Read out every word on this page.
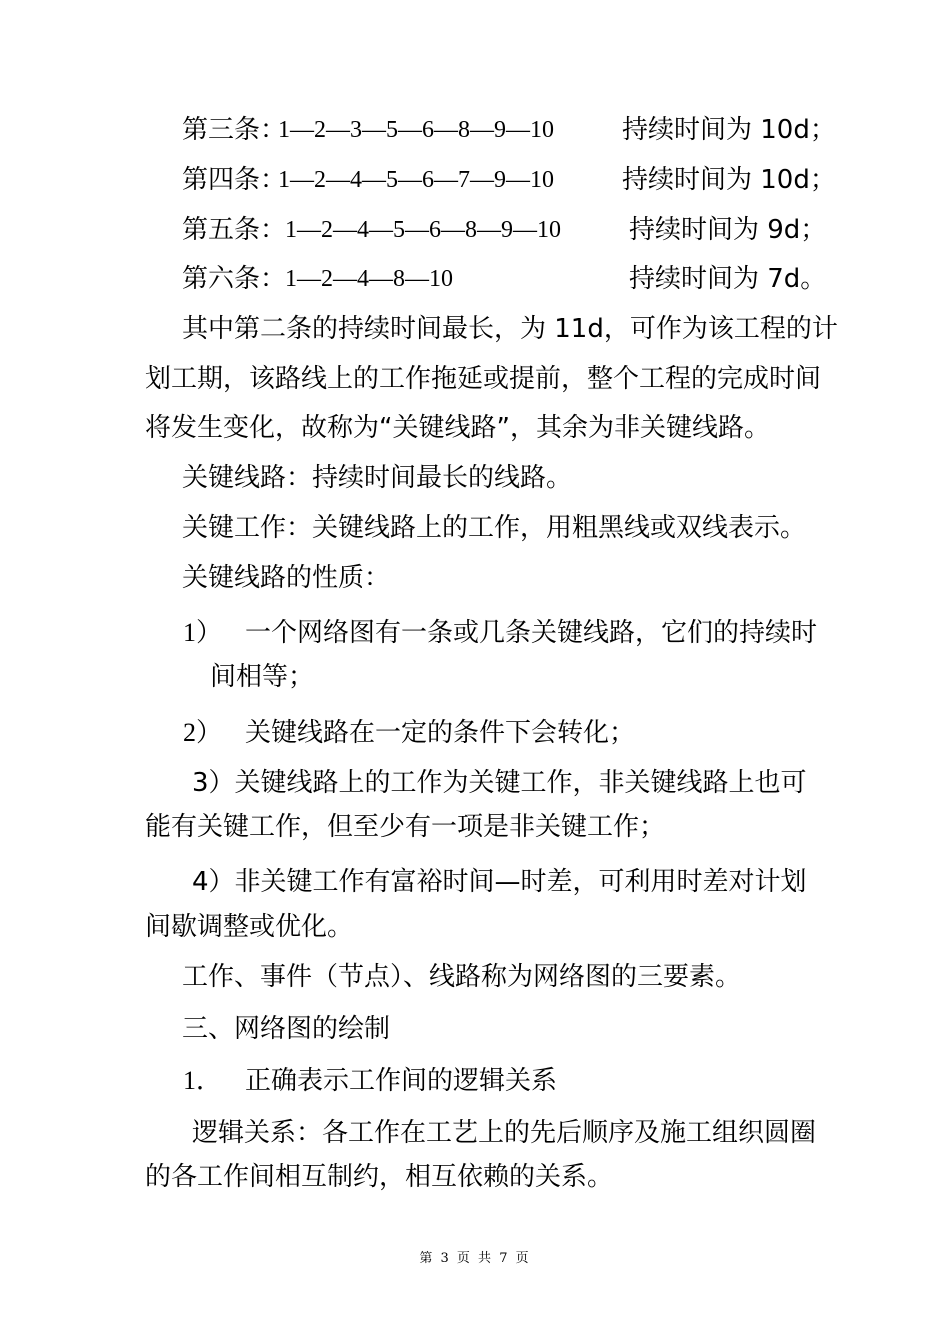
第三条：
1—2—3—5—6—8—9—10	持续时间为 10d；
第四条：
1—2—4—5—6—7—9—10	持续时间为 10d；
第五条：
1—2—4—5—6—8—9—10	持续时间为 9d；
第六条：
1—2—4—8—10	持续时间为 7d。
其中第二条的持续时间最长，为 11d，可作为该工程的计
划工期，该路线上的工作拖延或提前，整个工程的完成时间
将发生变化，故称为“关键线路”，其余为非关键线路。
关键线路：持续时间最长的线路。
关键工作：关键线路上的工作，用粗黑线或双线表示。
关键线路的性质：
1） 一个网络图有一条或几条关键线路，它们的持续时
间相等；
2） 关键线路在一定的条件下会转化；
3）关键线路上的工作为关键工作，非关键线路上也可
能有关键工作，但至少有一项是非关键工作；
4）非关键工作有富裕时间—时差，可利用时差对计划
间歇调整或优化。
工作、事件（节点）、线路称为网络图的三要素。
三、网络图的绘制
1． 正确表示工作间的逻辑关系
逻辑关系：各工作在工艺上的先后顺序及施工组织圆圈
的各工作间相互制约，相互依赖的关系。
第 3 页 共 7 页
